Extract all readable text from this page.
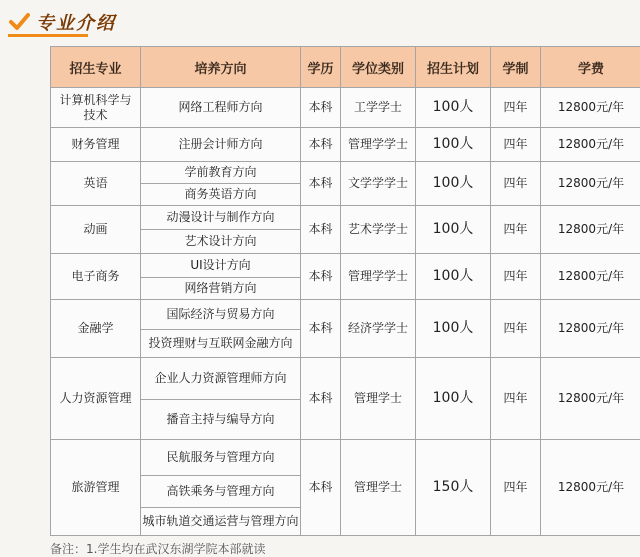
专业介绍
招生专业	培养方向	学历	学位类别	招生计划	学制	学费
计算机科学与技术	网络工程师方向	本科	工学学士	100人	四年	12800元/年
财务管理	注册会计师方向	本科	管理学学士	100人	四年	12800元/年
英语	学前教育方向	本科	文学学学士	100人	四年	12800元/年
	商务英语方向					
动画	动漫设计与制作方向	本科	艺术学学士	100人	四年	12800元/年
	艺术设计方向					
电子商务	UI设计方向	本科	管理学学士	100人	四年	12800元/年
	网络营销方向					
金融学	国际经济与贸易方向	本科	经济学学士	100人	四年	12800元/年
	投资理财与互联网金融方向					
人力资源管理	企业人力资源管理师方向	本科	管理学士	100人	四年	12800元/年
	播音主持与编导方向					
旅游管理	民航服务与管理方向	本科	管理学士	150人	四年	12800元/年
	高铁乘务与管理方向					
	城市轨道交通运营与管理方向					
备注：1.学生均在武汉东湖学院本部就读
